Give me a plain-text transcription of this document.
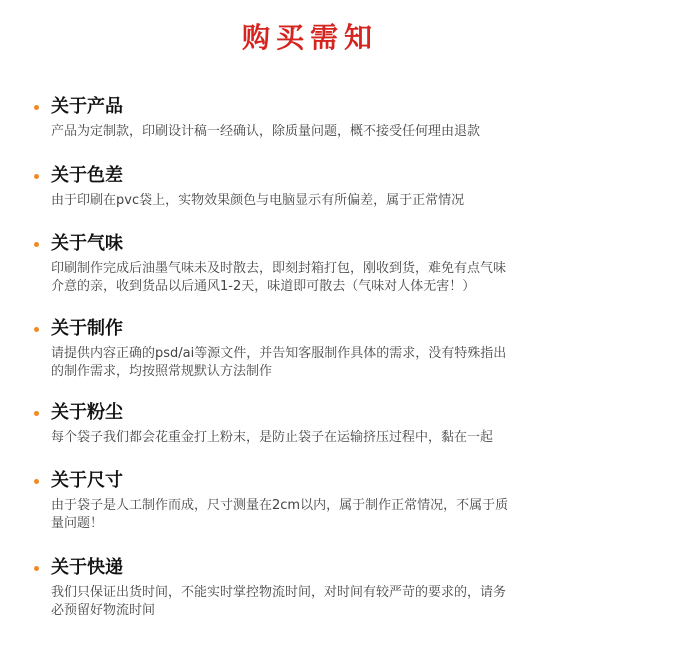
购买需知
关于产品
产品为定制款，印刷设计稿一经确认，除质量问题，概不接受任何理由退款
关于色差
由于印刷在pvc袋上，实物效果颜色与电脑显示有所偏差，属于正常情况
关于气味
印刷制作完成后油墨气味未及时散去，即刻封箱打包，刚收到货，难免有点气味
介意的亲，收到货品以后通风1-2天，味道即可散去（气味对人体无害！）
关于制作
请提供内容正确的psd/ai等源文件，并告知客服制作具体的需求，没有特殊指出
的制作需求，均按照常规默认方法制作
关于粉尘
每个袋子我们都会花重金打上粉末，是防止袋子在运输挤压过程中，黏在一起
关于尺寸
由于袋子是人工制作而成，尺寸测量在2cm以内，属于制作正常情况，不属于质
量问题！
关于快递
我们只保证出货时间，不能实时掌控物流时间，对时间有较严苛的要求的，请务
必预留好物流时间
